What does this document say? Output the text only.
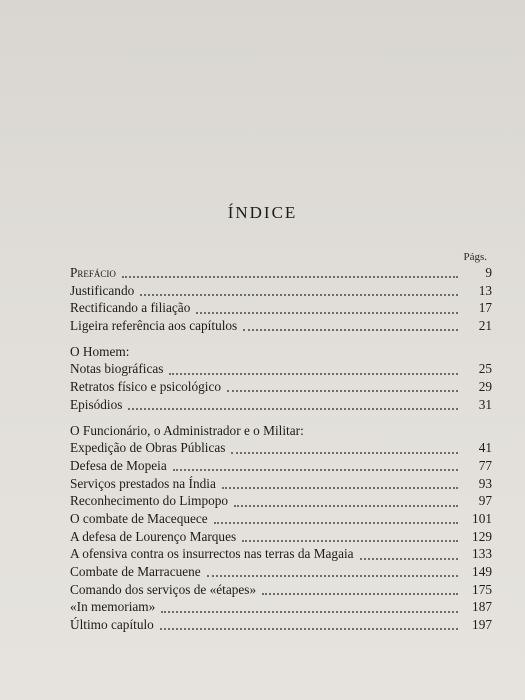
ÍNDICE
Págs.
Prefácio	9
Justificando	13
Rectificando a filiação	17
Ligeira referência aos capítulos	21
O Homem:
Notas biográficas	25
Retratos físico e psicológico	29
Episódios	31
O Funcionário, o Administrador e o Militar:
Expedição de Obras Públicas	41
Defesa de Mopeia	77
Serviços prestados na Índia	93
Reconhecimento do Limpopo	97
O combate de Macequece	101
A defesa de Lourenço Marques	129
A ofensiva contra os insurrectos nas terras da Magaia	133
Combate de Marracuene	149
Comando dos serviços de «étapes»	175
«In memoriam»	187
Último capítulo	197
